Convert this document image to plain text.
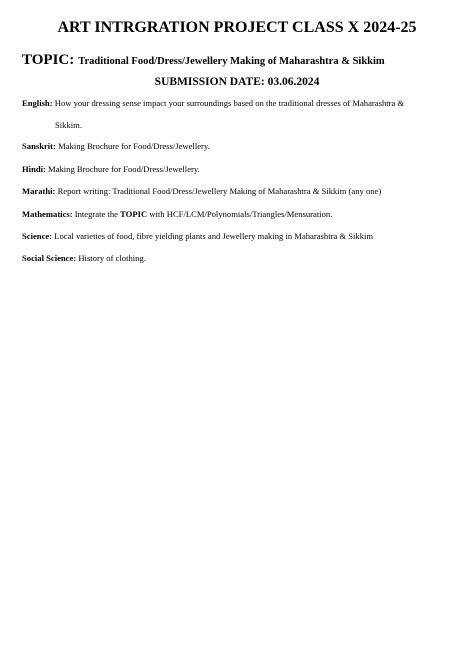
ART INTRGRATION PROJECT CLASS X 2024-25
TOPIC: Traditional Food/Dress/Jewellery Making of Maharashtra & Sikkim
SUBMISSION DATE: 03.06.2024

English: How your dressing sense impact your surroundings based on the traditional dresses of Maharashtra &
Sikkim.

Sanskrit: Making Brochure for Food/Dress/Jewellery.

Hindi: Making Brochure for Food/Dress/Jewellery.

Marathi: Report writing: Traditional Food/Dress/Jewellery Making of Maharashtra & Sikkim (any one)

Mathematics: Integrate the TOPIC with HCF/LCM/Polynomials/Triangles/Mensuration.

Science: Local varieties of food, fibre yielding plants and Jewellery making in Maharashtra & Sikkim

Social Science: History of clothing.
